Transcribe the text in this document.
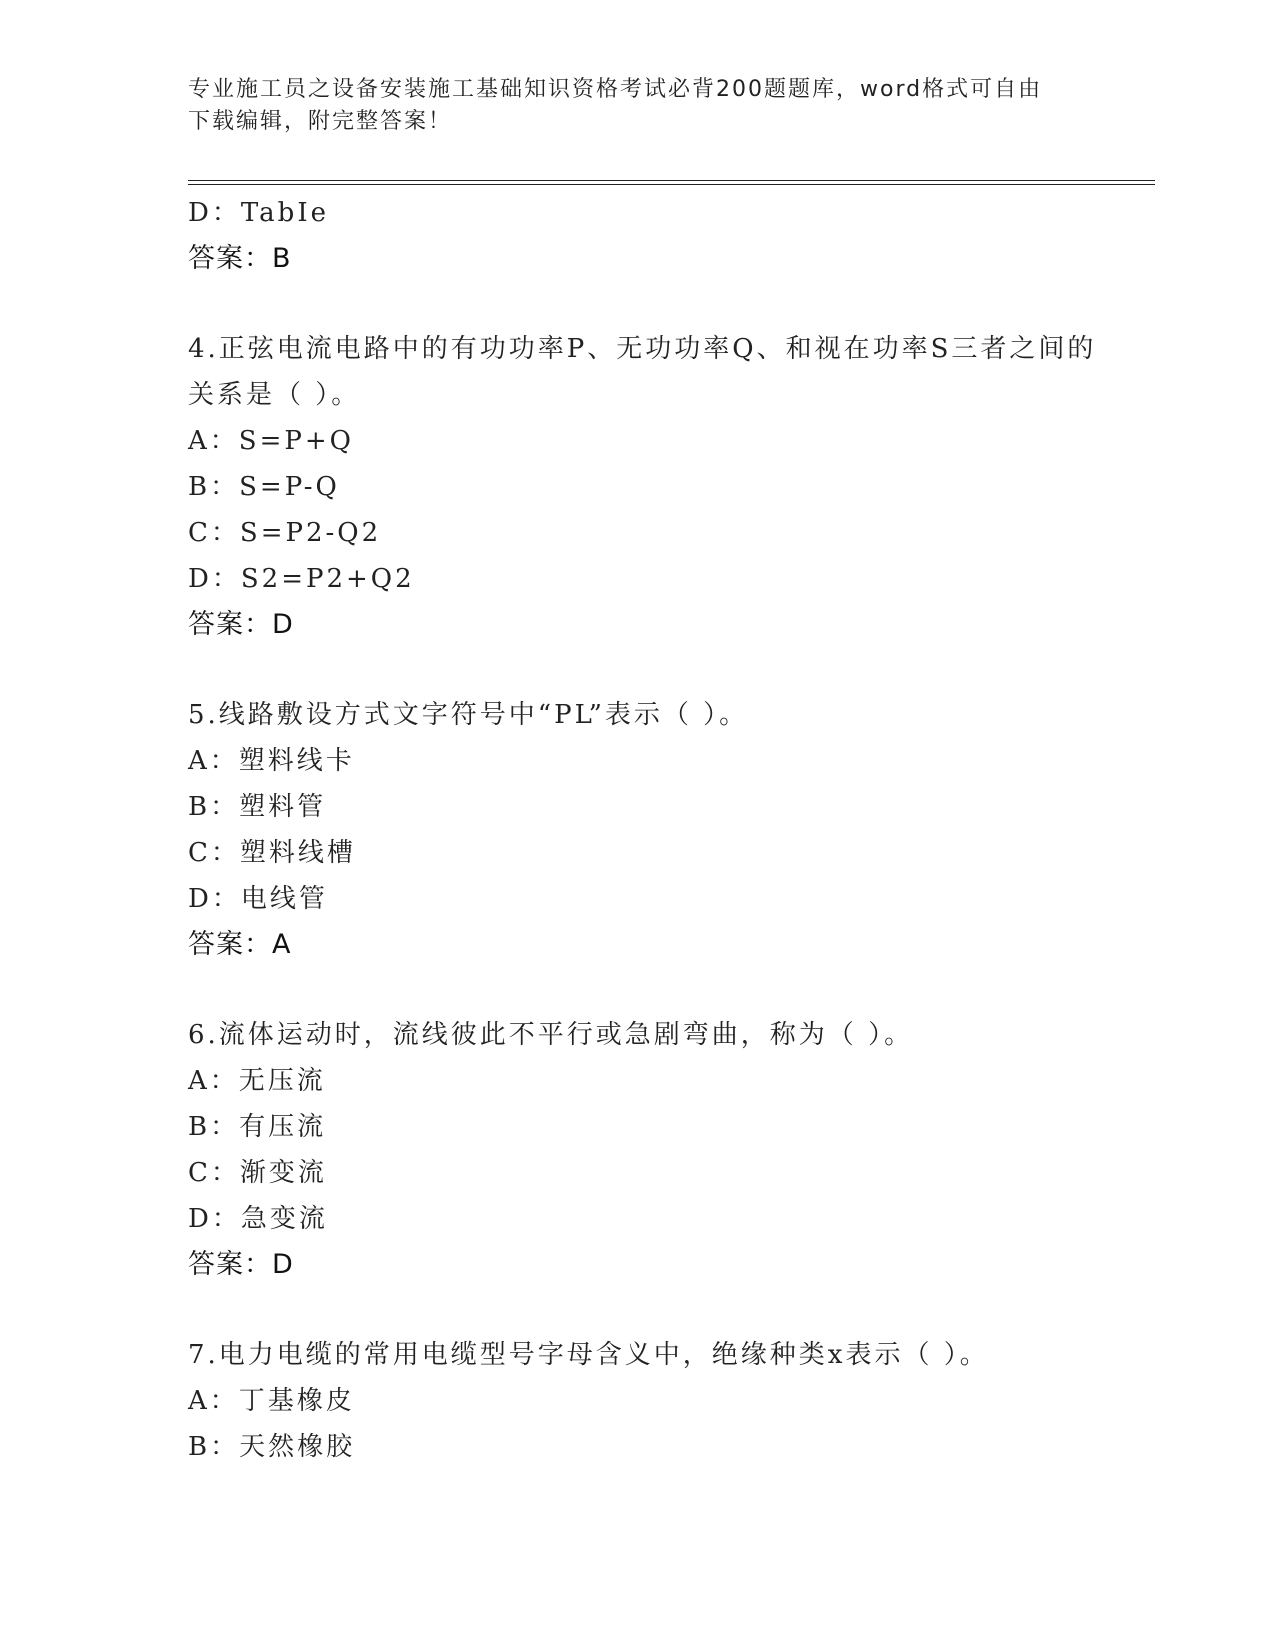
专业施工员之设备安装施工基础知识资格考试必背200题题库，word格式可自由
下载编辑，附完整答案！
D：TabIe
答案：B
4.正弦电流电路中的有功功率P、无功功率Q、和视在功率S三者之间的关系是（ ）。
A：S=P+Q
B：S=P-Q
C：S=P2-Q2
D：S2=P2+Q2
答案：D
5.线路敷设方式文字符号中“PL”表示（ ）。
A：塑料线卡
B：塑料管
C：塑料线槽
D：电线管
答案：A
6.流体运动时，流线彼此不平行或急剧弯曲，称为（ ）。
A：无压流
B：有压流
C：渐变流
D：急变流
答案：D
7.电力电缆的常用电缆型号字母含义中，绝缘种类x表示（ ）。
A：丁基橡皮
B：天然橡胶
